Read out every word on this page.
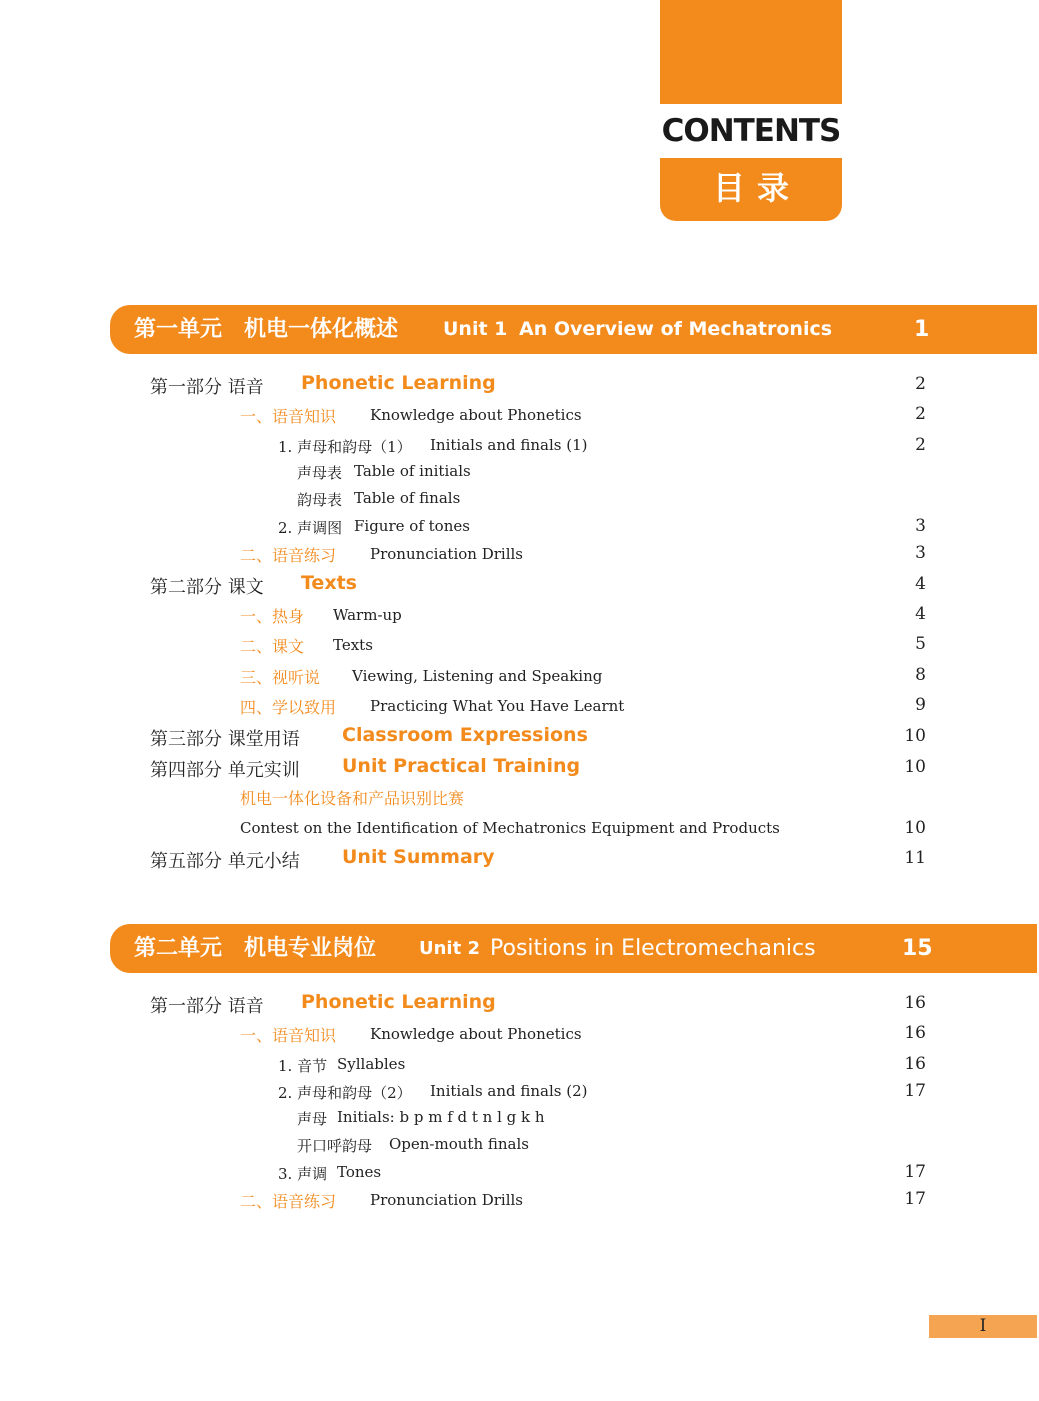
CONTENTS
目录
第一单元　机电一体化概述 Unit 1 An Overview of Mechatronics	1
第一部分 语音 Phonetic Learning	2
一、语音知识 Knowledge about Phonetics	2
1. 声母和韵母（1） Initials and finals (1)	2
声母表 Table of initials
韵母表 Table of finals
2. 声调图 Figure of tones	3
二、语音练习 Pronunciation Drills	3
第二部分 课文 Texts	4
一、热身 Warm-up	4
二、课文 Texts	5
三、视听说 Viewing, Listening and Speaking	8
四、学以致用 Practicing What You Have Learnt	9
第三部分 课堂用语 Classroom Expressions	10
第四部分 单元实训 Unit Practical Training	10
机电一体化设备和产品识别比赛
Contest on the Identification of Mechatronics Equipment and Products	10
第五部分 单元小结 Unit Summary	11
第二单元　机电专业岗位 Unit 2 Positions in Electromechanics	15
第一部分 语音 Phonetic Learning	16
一、语音知识 Knowledge about Phonetics	16
1. 音节 Syllables	16
2. 声母和韵母（2） Initials and finals (2)	17
声母 Initials: b p m f d t n l g k h
开口呼韵母 Open-mouth finals
3. 声调 Tones	17
二、语音练习 Pronunciation Drills	17
I
